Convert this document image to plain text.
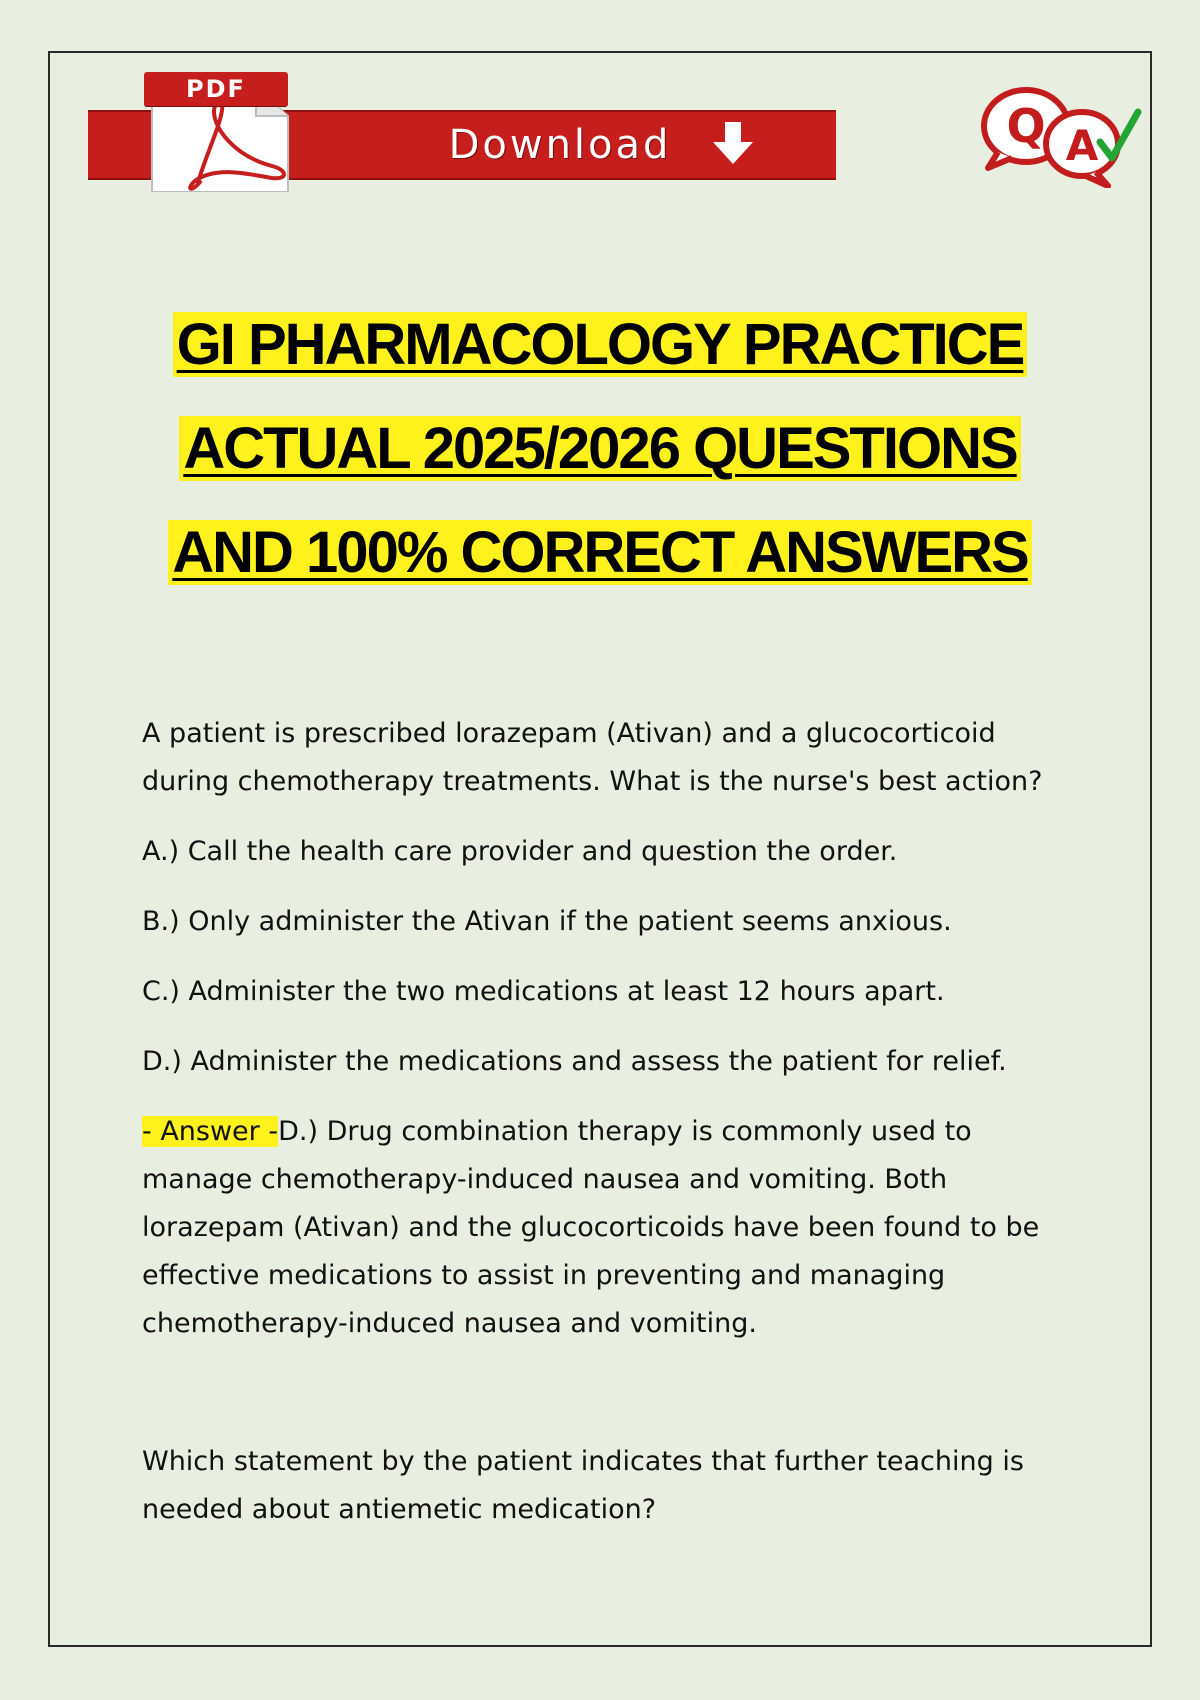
PDF
Download	Q A
GI PHARMACOLOGY PRACTICE
ACTUAL 2025/2026 QUESTIONS
AND 100% CORRECT ANSWERS

A patient is prescribed lorazepam (Ativan) and a glucocorticoid during chemotherapy treatments. What is the nurse's best action?

A.) Call the health care provider and question the order.

B.) Only administer the Ativan if the patient seems anxious.

C.) Administer the two medications at least 12 hours apart.

D.) Administer the medications and assess the patient for relief.

- Answer -D.) Drug combination therapy is commonly used to manage chemotherapy-induced nausea and vomiting. Both lorazepam (Ativan) and the glucocorticoids have been found to be effective medications to assist in preventing and managing chemotherapy-induced nausea and vomiting.

Which statement by the patient indicates that further teaching is needed about antiemetic medication?
